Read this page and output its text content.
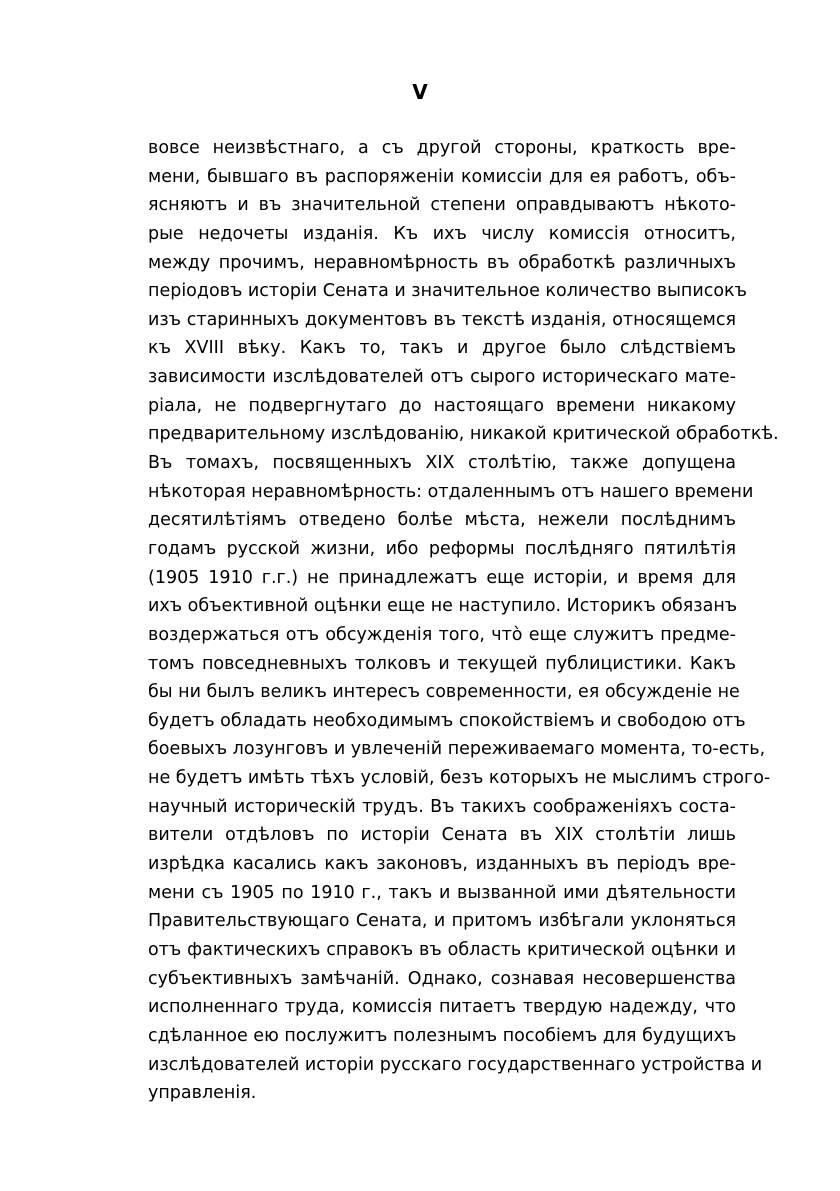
V
вовсе неизвѣстнаго, а съ другой стороны, краткость вре-
мени, бывшаго въ распоряженіи комиссіи для ея работъ, объ-
ясняютъ и въ значительной степени оправдываютъ нѣкото-
рые недочеты изданія. Къ ихъ числу комиссія относитъ,
между прочимъ, неравномѣрность въ обработкѣ различныхъ
періодовъ исторіи Сената и значительное количество выписокъ
изъ старинныхъ документовъ въ текстѣ изданія, относящемся
къ XVIII вѣку. Какъ то, такъ и другое было слѣдствіемъ
зависимости изслѣдователей отъ сырого историческаго мате-
ріала, не подвергнутаго до настоящаго времени никакому
предварительному изслѣдованію, никакой критической обработкѣ.
Въ томахъ, посвященныхъ XIX столѣтію, также допущена
нѣкоторая неравномѣрность: отдаленнымъ отъ нашего времени
десятилѣтіямъ отведено болѣе мѣста, нежели послѣднимъ
годамъ русской жизни, ибо реформы послѣдняго пятилѣтія
(1905 1910 г.г.) не принадлежатъ еще исторіи, и время для
ихъ объективной оцѣнки еще не наступило. Историкъ обязанъ
воздержаться отъ обсужденія того, что̀ еще служитъ предме-
томъ повседневныхъ толковъ и текущей публицистики. Какъ
бы ни былъ великъ интересъ современности, ея обсужденіе не
будетъ обладать необходимымъ спокойствіемъ и свободою отъ
боевыхъ лозунговъ и увлеченій переживаемаго момента, то-есть,
не будетъ имѣть тѣхъ условій, безъ которыхъ не мыслимъ строго-
научный историческій трудъ. Въ такихъ соображеніяхъ соста-
вители отдѣловъ по исторіи Сената въ XIX столѣтіи лишь
изрѣдка касались какъ законовъ, изданныхъ въ періодъ вре-
мени съ 1905 по 1910 г., такъ и вызванной ими дѣятельности
Правительствующаго Сената, и притомъ избѣгали уклоняться
отъ фактическихъ справокъ въ область критической оцѣнки и
субъективныхъ замѣчаній. Однако, сознавая несовершенства
исполненнаго труда, комиссія питаетъ твердую надежду, что
сдѣланное ею послужитъ полезнымъ пособіемъ для будущихъ
изслѣдователей исторіи русскаго государственнаго устройства и
управленія.
